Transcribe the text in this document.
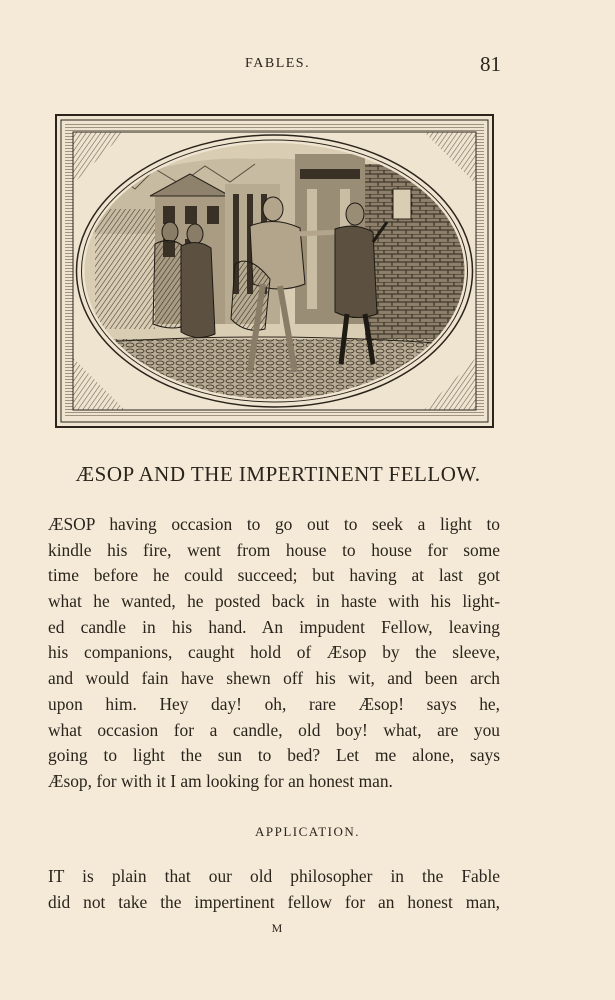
FABLES.	81
ÆSOP AND THE IMPERTINENT FELLOW.
ÆSOP having occasion to go out to seek a light to
kindle his fire, went from house to house for some
time before he could succeed; but having at last got
what he wanted, he posted back in haste with his light-
ed candle in his hand. An impudent Fellow, leaving
his companions, caught hold of Æsop by the sleeve,
and would fain have shewn off his wit, and been arch
upon him. Hey day! oh, rare Æsop! says he,
what occasion for a candle, old boy! what, are you
going to light the sun to bed? Let me alone, says
Æsop, for with it I am looking for an honest man.
APPLICATION.
IT is plain that our old philosopher in the Fable
did not take the impertinent fellow for an honest man,
M
